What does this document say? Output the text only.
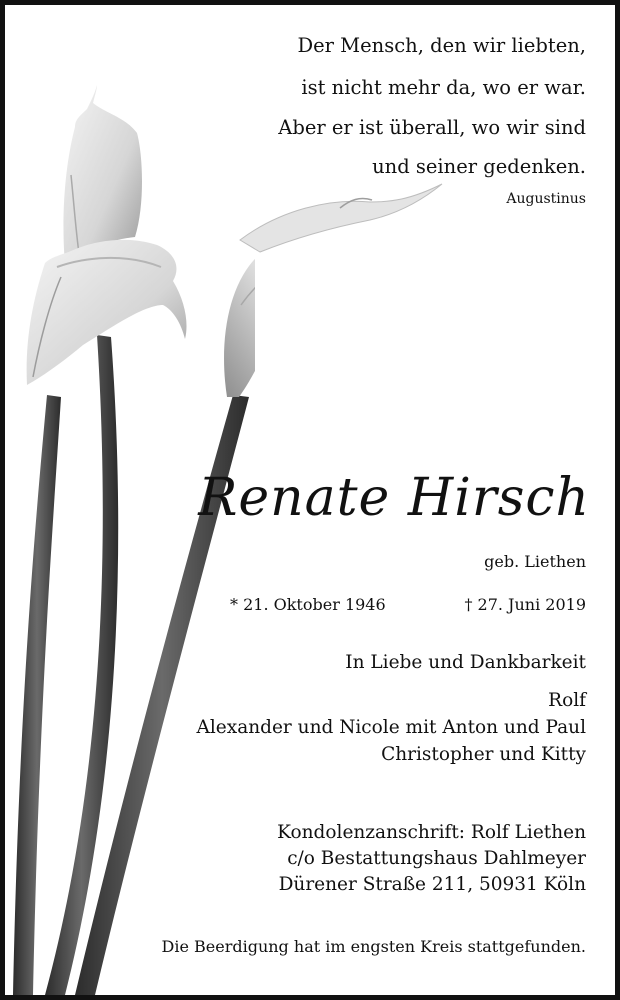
Der Mensch, den wir liebten,
ist nicht mehr da, wo er war.
Aber er ist überall, wo wir sind
und seiner gedenken.
Augustinus
Renate Hirsch
geb. Liethen
* 21. Oktober 1946	† 27. Juni 2019
In Liebe und Dankbarkeit
Rolf
Alexander und Nicole mit Anton und Paul
Christopher und Kitty
Kondolenzanschrift: Rolf Liethen
c/o Bestattungshaus Dahlmeyer
Dürener Straße 211, 50931 Köln
Die Beerdigung hat im engsten Kreis stattgefunden.
